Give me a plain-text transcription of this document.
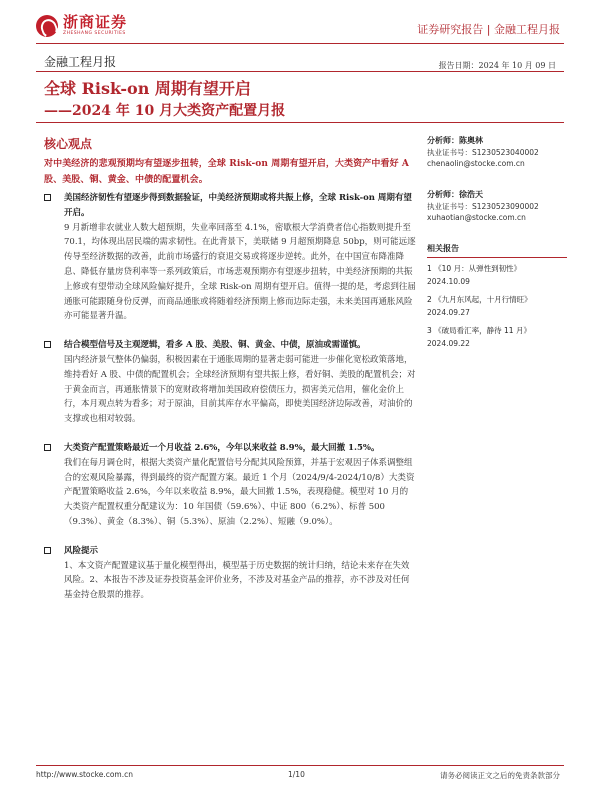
浙商证券
ZHESHANG SECURITIES	证券研究报告 | 金融工程月报
金融工程月报	报告日期：2024 年 10 月 09 日
全球 Risk-on 周期有望开启
——2024 年 10 月大类资产配置月报
核心观点
对中美经济的悲观预期均有望逐步扭转，全球 Risk-on 周期有望开启，大类资产中看好 A 股、美股、铜、黄金、中债的配置机会。
美国经济韧性有望逐步得到数据验证，中美经济预期或将共振上修，全球 Risk-on 周期有望开启。
9 月新增非农就业人数大超预期，失业率回落至 4.1%，密歇根大学消费者信心指数则提升至 70.1，均体现出居民端的需求韧性。在此背景下，美联储 9 月超预期降息 50bp，则可能远逐传导至经济数据的改善，此前市场盛行的衰退交易或将逐步逆转。此外，在中国宣布降准降息、降低存量房贷利率等一系列政策后，市场悲观预期亦有望逐步扭转，中美经济预期的共振上修或有望带动全球风险偏好提升，全球 Risk-on 周期有望开启。值得一提的是，考虑到往届通胀可能跟随身份反弹，而商品通胀或将随着经济预期上修而边际走强，未来美国再通胀风险亦可能显著升温。
结合模型信号及主观逻辑，看多 A 股、美股、铜、黄金、中债，原油或需谨慎。
国内经济景气整体仍偏弱，积极因素在于通胀周期的显著走弱可能进一步催化宽松政策落地，维持看好 A 股、中债的配置机会；全球经济预期有望共振上修，看好铜、美股的配置机会；对于黄金而言，再通胀情景下的宽财政将增加美国政府偿债压力，损害美元信用，催化金价上行，本月观点转为看多；对于原油，目前其库存水平偏高，即使美国经济边际改善，对油价的支撑或也相对较弱。
大类资产配置策略最近一个月收益 2.6%，今年以来收益 8.9%，最大回撤 1.5%。
我们在每月调仓时，根据大类资产量化配置信号分配其风险预算，并基于宏观因子体系调整组合的宏观风险暴露，得到最终的资产配置方案。最近 1 个月（2024/9/4-2024/10/8）大类资产配置策略收益 2.6%，今年以来收益 8.9%，最大回撤 1.5%，表现稳健。模型对 10 月的大类资产配置权重分配建议为：10 年国债（59.6%）、中证 800（6.2%）、标普 500（9.3%）、黄金（8.3%）、铜（5.3%）、原油（2.2%）、短融（9.0%）。
风险提示
1、本文资产配置建议基于量化模型得出，模型基于历史数据的统计归纳，结论未来存在失效风险。2、本报告不涉及证券投资基金评价业务，不涉及对基金产品的推荐，亦不涉及对任何基金持仓股票的推荐。
分析师：陈奥林
执业证书号：S1230523040002
chenaolin@stocke.com.cn
分析师：徐浩天
执业证书号：S1230523090002
xuhaotian@stocke.com.cn
相关报告
1 《10 月：从弹性到韧性》
2024.10.09
2 《九月东风起，十月行情旺》
2024.09.27
3 《破局看汇率，静待 11 月》
2024.09.22
http://www.stocke.com.cn	1/10	请务必阅读正文之后的免责条款部分
